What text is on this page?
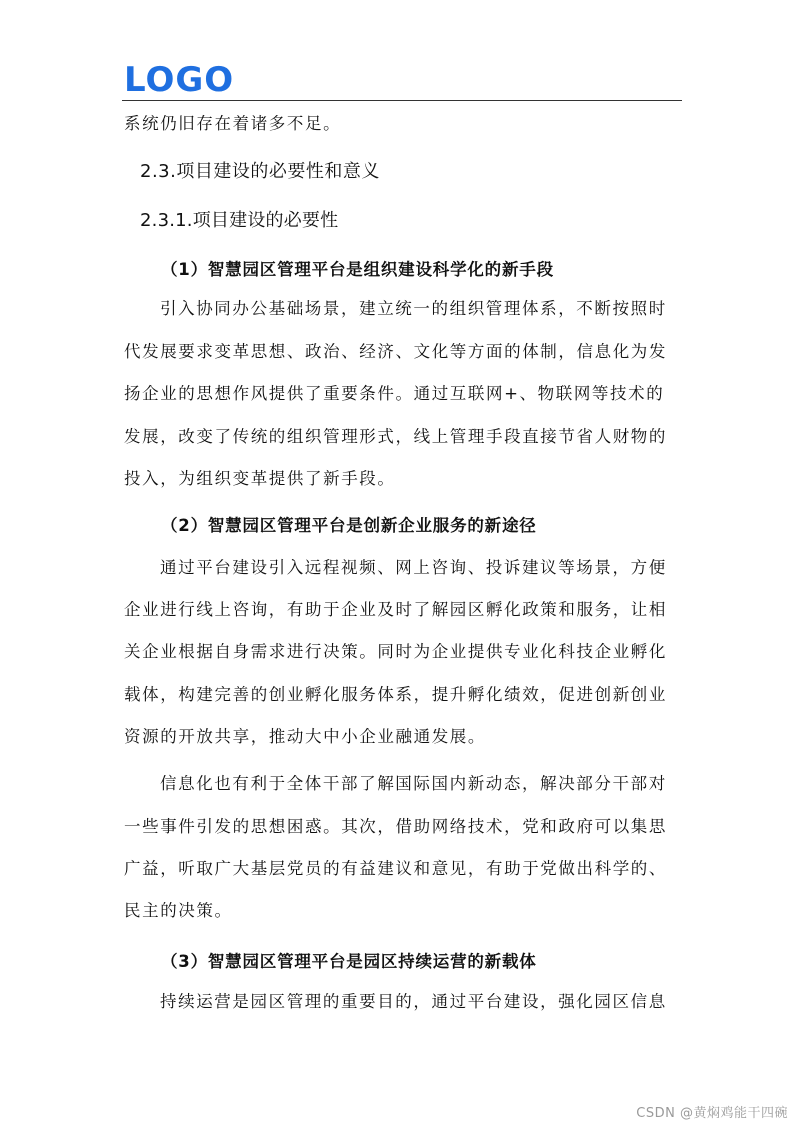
LOGO
系统仍旧存在着诸多不足。
2.3.项目建设的必要性和意义
2.3.1.项目建设的必要性
（1）智慧园区管理平台是组织建设科学化的新手段
引入协同办公基础场景，建立统一的组织管理体系，不断按照时
代发展要求变革思想、政治、经济、文化等方面的体制，信息化为发
扬企业的思想作风提供了重要条件。通过互联网+、物联网等技术的
发展，改变了传统的组织管理形式，线上管理手段直接节省人财物的
投入，为组织变革提供了新手段。
（2）智慧园区管理平台是创新企业服务的新途径
通过平台建设引入远程视频、网上咨询、投诉建议等场景，方便
企业进行线上咨询，有助于企业及时了解园区孵化政策和服务，让相
关企业根据自身需求进行决策。同时为企业提供专业化科技企业孵化
载体，构建完善的创业孵化服务体系，提升孵化绩效，促进创新创业
资源的开放共享，推动大中小企业融通发展。
信息化也有利于全体干部了解国际国内新动态，解决部分干部对
一些事件引发的思想困惑。其次，借助网络技术，党和政府可以集思
广益，听取广大基层党员的有益建议和意见，有助于党做出科学的、
民主的决策。
（3）智慧园区管理平台是园区持续运营的新载体
持续运营是园区管理的重要目的，通过平台建设，强化园区信息
CSDN @黄焖鸡能干四碗
